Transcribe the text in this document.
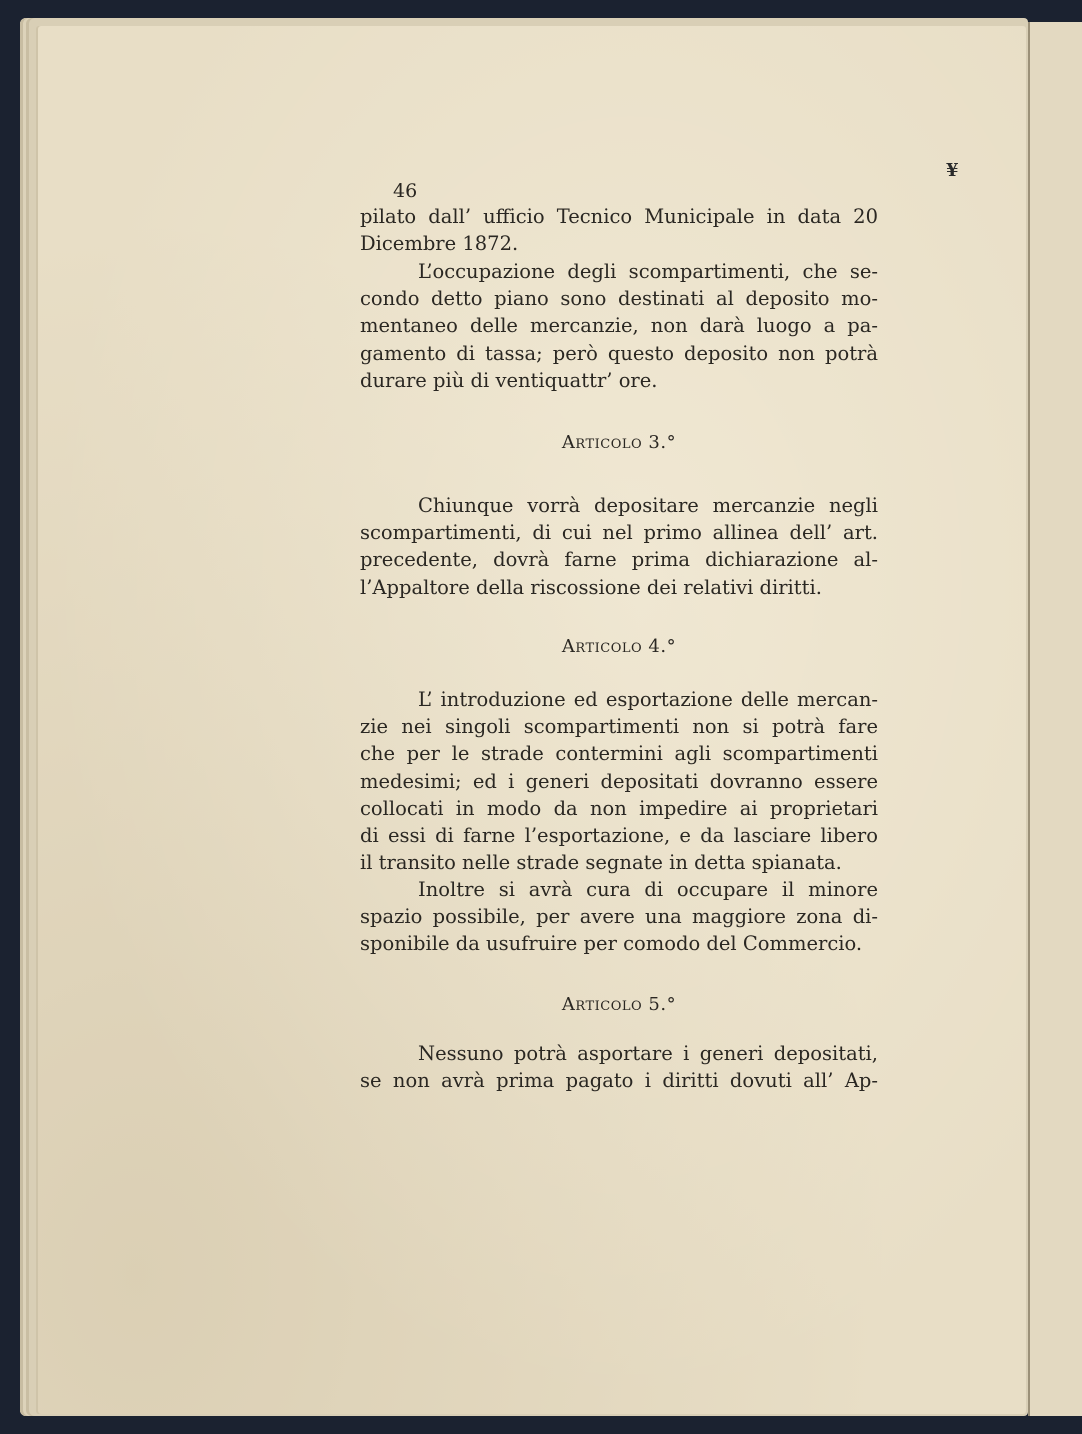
¥
46
pilato dall’ ufficio Tecnico Municipale in data 20
Dicembre 1872.
L’occupazione degli scompartimenti, che se-
condo detto piano sono destinati al deposito mo-
mentaneo delle mercanzie, non darà luogo a pa-
gamento di tassa; però questo deposito non potrà
durare più di ventiquattr’ ore.
Articolo 3.°
Chiunque vorrà depositare mercanzie negli
scompartimenti, di cui nel primo allinea dell’ art.
precedente, dovrà farne prima dichiarazione al-
l’Appaltore della riscossione dei relativi diritti.
Articolo 4.°
L’ introduzione ed esportazione delle mercan-
zie nei singoli scompartimenti non si potrà fare
che per le strade contermini agli scompartimenti
medesimi; ed i generi depositati dovranno essere
collocati in modo da non impedire ai proprietari
di essi di farne l’esportazione, e da lasciare libero
il transito nelle strade segnate in detta spianata.
Inoltre si avrà cura di occupare il minore
spazio possibile, per avere una maggiore zona di-
sponibile da usufruire per comodo del Commercio.
Articolo 5.°
Nessuno potrà asportare i generi depositati,
se non avrà prima pagato i diritti dovuti all’ Ap-
